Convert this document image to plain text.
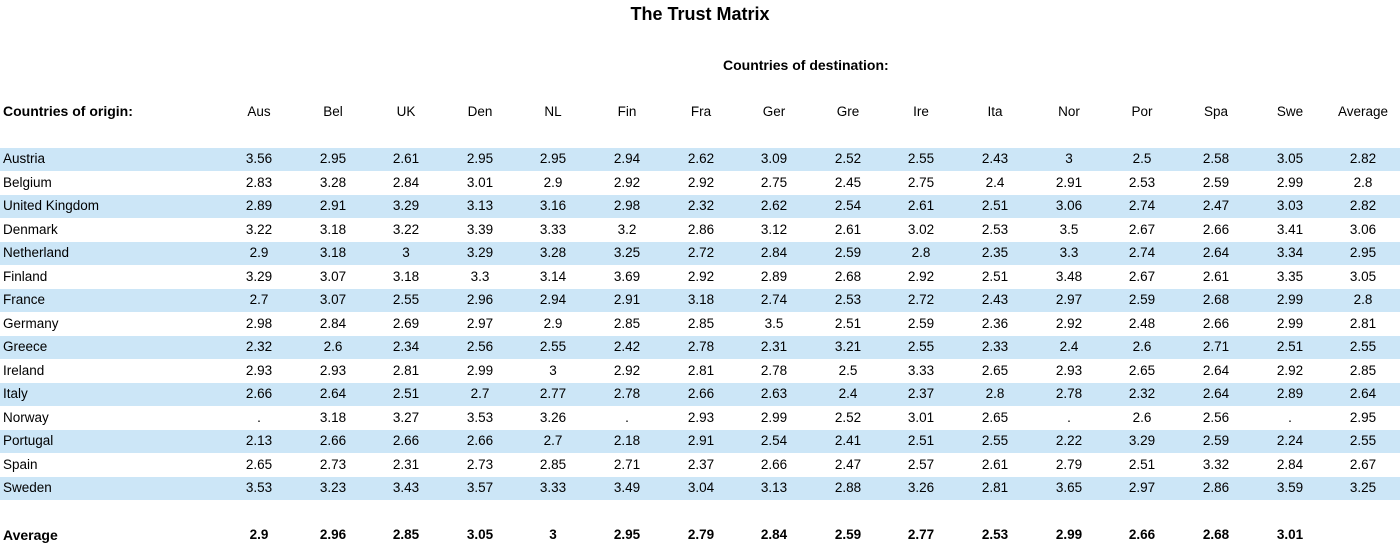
The Trust Matrix
Countries of destination:
Countries of origin:	Aus	Bel	UK	Den	NL	Fin	Fra	Ger	Gre	Ire	Ita	Nor	Por	Spa	Swe	Average
Austria	3.56	2.95	2.61	2.95	2.95	2.94	2.62	3.09	2.52	2.55	2.43	3	2.5	2.58	3.05	2.82
Belgium	2.83	3.28	2.84	3.01	2.9	2.92	2.92	2.75	2.45	2.75	2.4	2.91	2.53	2.59	2.99	2.8
United Kingdom	2.89	2.91	3.29	3.13	3.16	2.98	2.32	2.62	2.54	2.61	2.51	3.06	2.74	2.47	3.03	2.82
Denmark	3.22	3.18	3.22	3.39	3.33	3.2	2.86	3.12	2.61	3.02	2.53	3.5	2.67	2.66	3.41	3.06
Netherland	2.9	3.18	3	3.29	3.28	3.25	2.72	2.84	2.59	2.8	2.35	3.3	2.74	2.64	3.34	2.95
Finland	3.29	3.07	3.18	3.3	3.14	3.69	2.92	2.89	2.68	2.92	2.51	3.48	2.67	2.61	3.35	3.05
France	2.7	3.07	2.55	2.96	2.94	2.91	3.18	2.74	2.53	2.72	2.43	2.97	2.59	2.68	2.99	2.8
Germany	2.98	2.84	2.69	2.97	2.9	2.85	2.85	3.5	2.51	2.59	2.36	2.92	2.48	2.66	2.99	2.81
Greece	2.32	2.6	2.34	2.56	2.55	2.42	2.78	2.31	3.21	2.55	2.33	2.4	2.6	2.71	2.51	2.55
Ireland	2.93	2.93	2.81	2.99	3	2.92	2.81	2.78	2.5	3.33	2.65	2.93	2.65	2.64	2.92	2.85
Italy	2.66	2.64	2.51	2.7	2.77	2.78	2.66	2.63	2.4	2.37	2.8	2.78	2.32	2.64	2.89	2.64
Norway	.	3.18	3.27	3.53	3.26	.	2.93	2.99	2.52	3.01	2.65	.	2.6	2.56	.	2.95
Portugal	2.13	2.66	2.66	2.66	2.7	2.18	2.91	2.54	2.41	2.51	2.55	2.22	3.29	2.59	2.24	2.55
Spain	2.65	2.73	2.31	2.73	2.85	2.71	2.37	2.66	2.47	2.57	2.61	2.79	2.51	3.32	2.84	2.67
Sweden	3.53	3.23	3.43	3.57	3.33	3.49	3.04	3.13	2.88	3.26	2.81	3.65	2.97	2.86	3.59	3.25
Average	2.9	2.96	2.85	3.05	3	2.95	2.79	2.84	2.59	2.77	2.53	2.99	2.66	2.68	3.01
